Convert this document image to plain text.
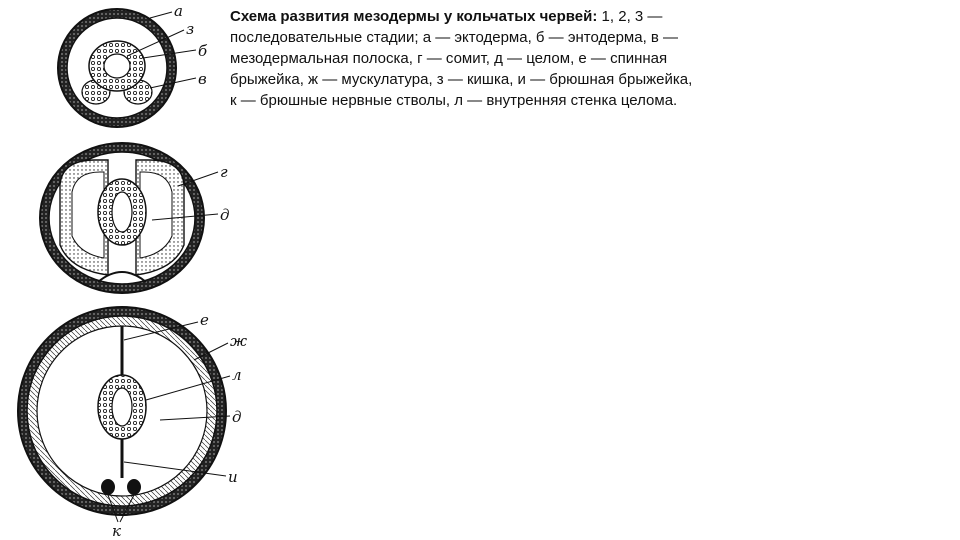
Схема развития мезодермы у кольчатых червей: 1, 2, 3 — последовательные стадии; а — эктодерма, б — энтодерма, в — мезодермальная полоска, г — сомит, д — целом, е — спинная брыжейка, ж — мускулатура, з — кишка, и — брюшная брыжейка, к — брюшные нервные стволы, л — внутренняя стенка целома.
а
з
б
в
г
д
е
ж
л
д
и
к
